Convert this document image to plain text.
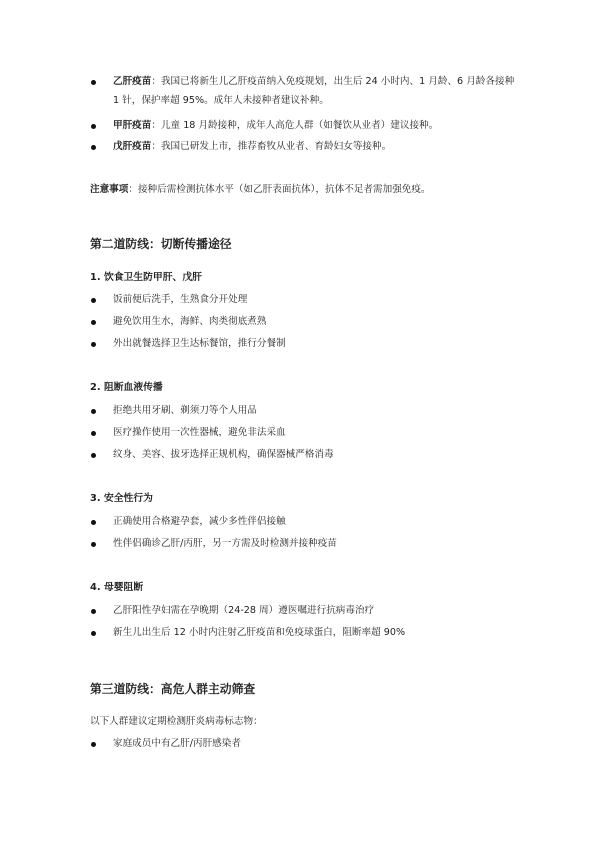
乙肝疫苗：我国已将新生儿乙肝疫苗纳入免疫规划，出生后 24 小时内、1 月龄、6 月龄各接种 1 针，保护率超 95%。成年人未接种者建议补种。
甲肝疫苗：儿童 18 月龄接种，成年人高危人群（如餐饮从业者）建议接种。
戊肝疫苗：我国已研发上市，推荐畜牧从业者、育龄妇女等接种。
注意事项：接种后需检测抗体水平（如乙肝表面抗体），抗体不足者需加强免疫。
第二道防线：切断传播途径
1. 饮食卫生防甲肝、戊肝
饭前便后洗手，生熟食分开处理
避免饮用生水，海鲜、肉类彻底煮熟
外出就餐选择卫生达标餐馆，推行分餐制
2. 阻断血液传播
拒绝共用牙刷、剃须刀等个人用品
医疗操作使用一次性器械，避免非法采血
纹身、美容、拔牙选择正规机构，确保器械严格消毒
3. 安全性行为
正确使用合格避孕套，减少多性伴侣接触
性伴侣确诊乙肝/丙肝，另一方需及时检测并接种疫苗
4. 母婴阻断
乙肝阳性孕妇需在孕晚期（24-28 周）遵医嘱进行抗病毒治疗
新生儿出生后 12 小时内注射乙肝疫苗和免疫球蛋白，阻断率超 90%
第三道防线：高危人群主动筛查
以下人群建议定期检测肝炎病毒标志物：
家庭成员中有乙肝/丙肝感染者
